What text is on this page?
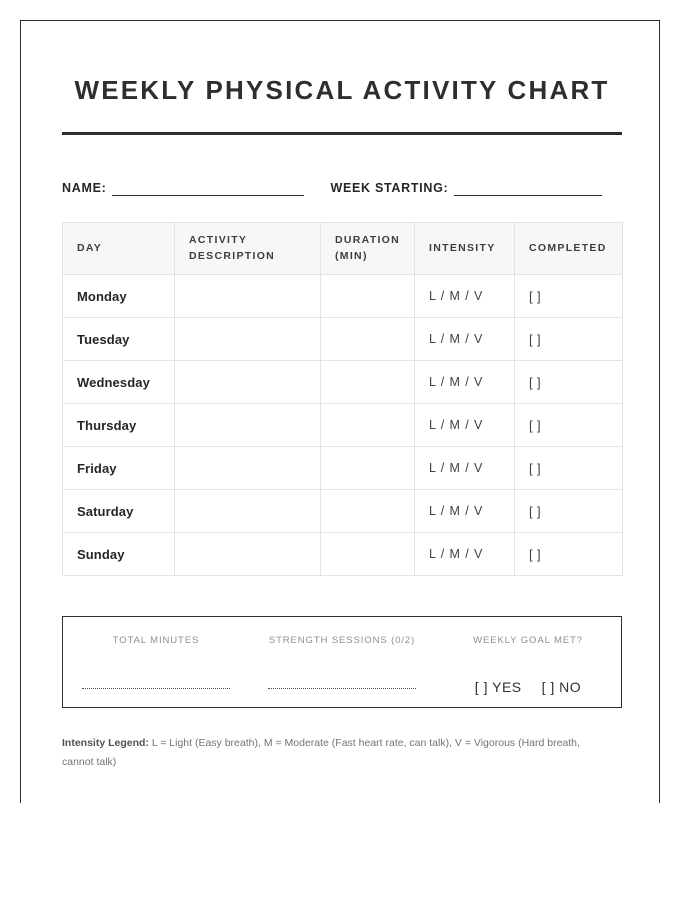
WEEKLY PHYSICAL ACTIVITY CHART
NAME:	WEEK STARTING:
DAY	ACTIVITY DESCRIPTION	DURATION (MIN)	INTENSITY	COMPLETED
Monday			L / M / V	[ ]
Tuesday			L / M / V	[ ]
Wednesday			L / M / V	[ ]
Thursday			L / M / V	[ ]
Friday			L / M / V	[ ]
Saturday			L / M / V	[ ]
Sunday			L / M / V	[ ]
TOTAL MINUTES	STRENGTH SESSIONS (0/2)	WEEKLY GOAL MET?
[ ] YES [ ] NO
Intensity Legend: L = Light (Easy breath), M = Moderate (Fast heart rate, can talk), V = Vigorous (Hard breath, cannot talk)
